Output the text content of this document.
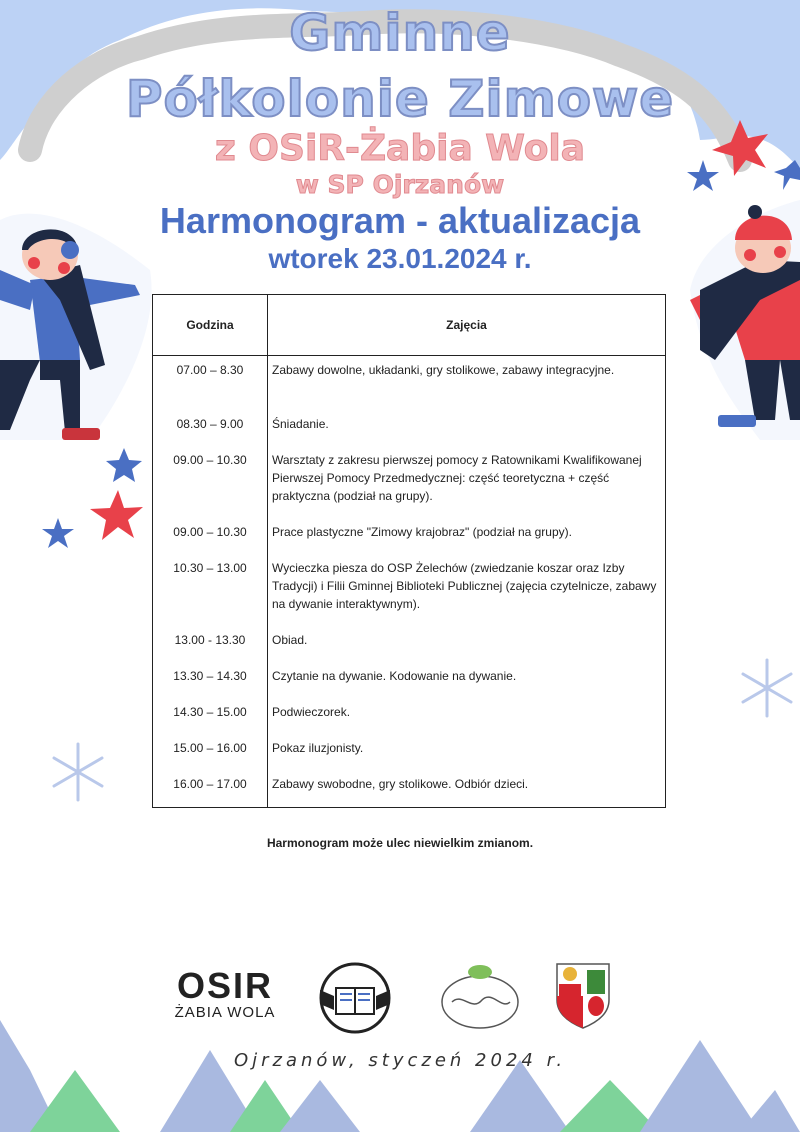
Gminne
Półkolonie Zimowe
z OSiR-Żabia Wola
w SP Ojrzanów
Harmonogram - aktualizacja
wtorek 23.01.2024 r.
Godzina	Zajęcia
07.00 – 8.30	Zabawy dowolne, układanki, gry stolikowe, zabawy integracyjne.
08.30 – 9.00	Śniadanie.
09.00 – 10.30	Warsztaty z zakresu pierwszej pomocy z Ratownikami Kwalifikowanej Pierwszej Pomocy Przedmedycznej: część teoretyczna + część praktyczna (podział na grupy).
09.00 – 10.30	Prace plastyczne "Zimowy krajobraz" (podział na grupy).
10.30 – 13.00	Wycieczka piesza do OSP Żelechów (zwiedzanie koszar oraz Izby Tradycji) i Filii Gminnej Biblioteki Publicznej (zajęcia czytelnicze, zabawy na dywanie interaktywnym).
13.00 - 13.30	Obiad.
13.30 – 14.30	Czytanie na dywanie. Kodowanie na dywanie.
14.30 – 15.00	Podwieczorek.
15.00 – 16.00	Pokaz iluzjonisty.
16.00 – 17.00	Zabawy swobodne, gry stolikowe. Odbiór dzieci.
Harmonogram może ulec niewielkim zmianom.
OSIR
ŻABIA WOLA
Ojrzanów, styczeń 2024 r.
